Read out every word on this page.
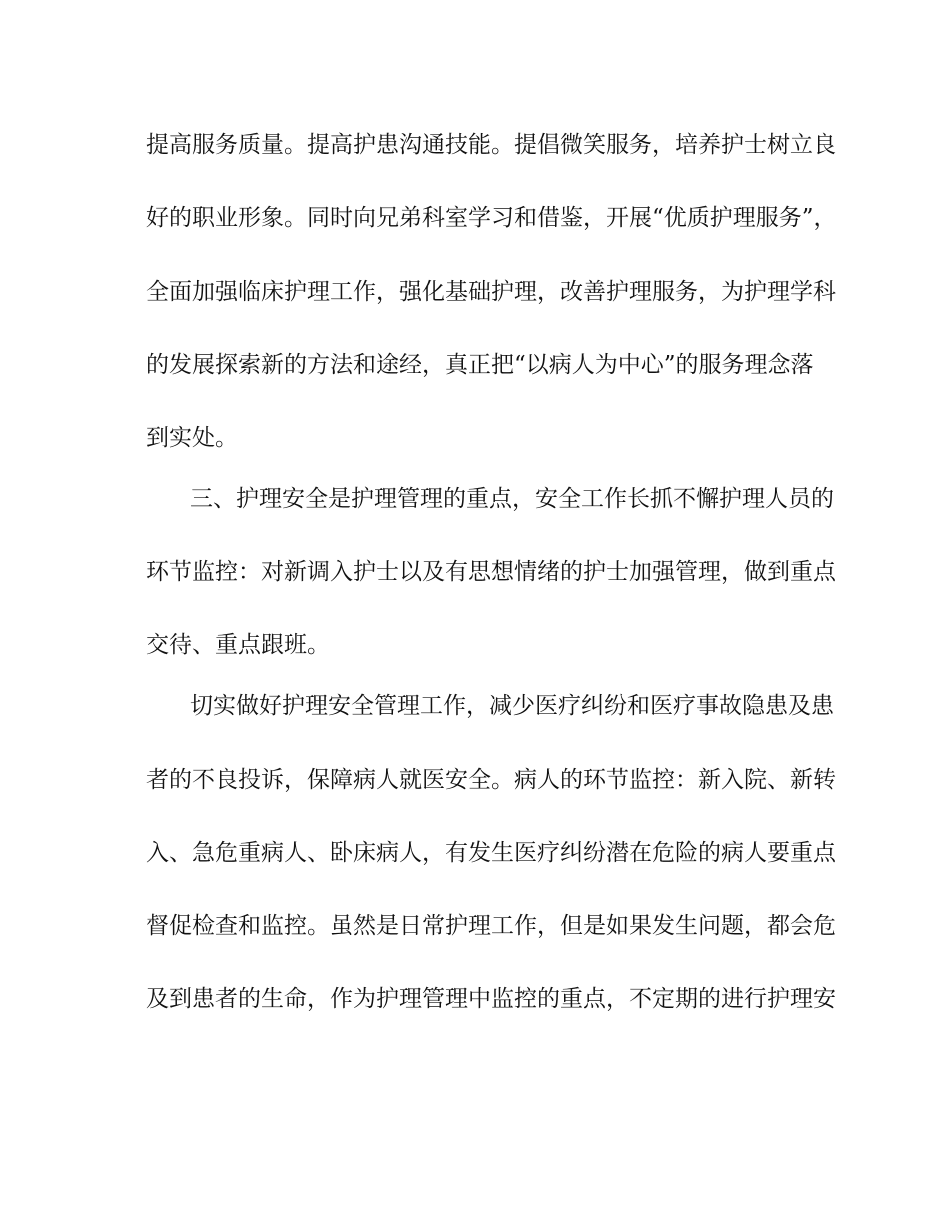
提高服务质量。提高护患沟通技能。提倡微笑服务，培养护士树立良
好的职业形象。同时向兄弟科室学习和借鉴，开展“优质护理服务”，
全面加强临床护理工作，强化基础护理，改善护理服务，为护理学科
的发展探索新的方法和途经，真正把“以病人为中心”的服务理念落
到实处。
三、护理安全是护理管理的重点，安全工作长抓不懈护理人员的
环节监控：对新调入护士以及有思想情绪的护士加强管理，做到重点
交待、重点跟班。
切实做好护理安全管理工作，减少医疗纠纷和医疗事故隐患及患
者的不良投诉，保障病人就医安全。病人的环节监控：新入院、新转
入、急危重病人、卧床病人，有发生医疗纠纷潜在危险的病人要重点
督促检查和监控。虽然是日常护理工作，但是如果发生问题，都会危
及到患者的生命，作为护理管理中监控的重点，不定期的进行护理安
